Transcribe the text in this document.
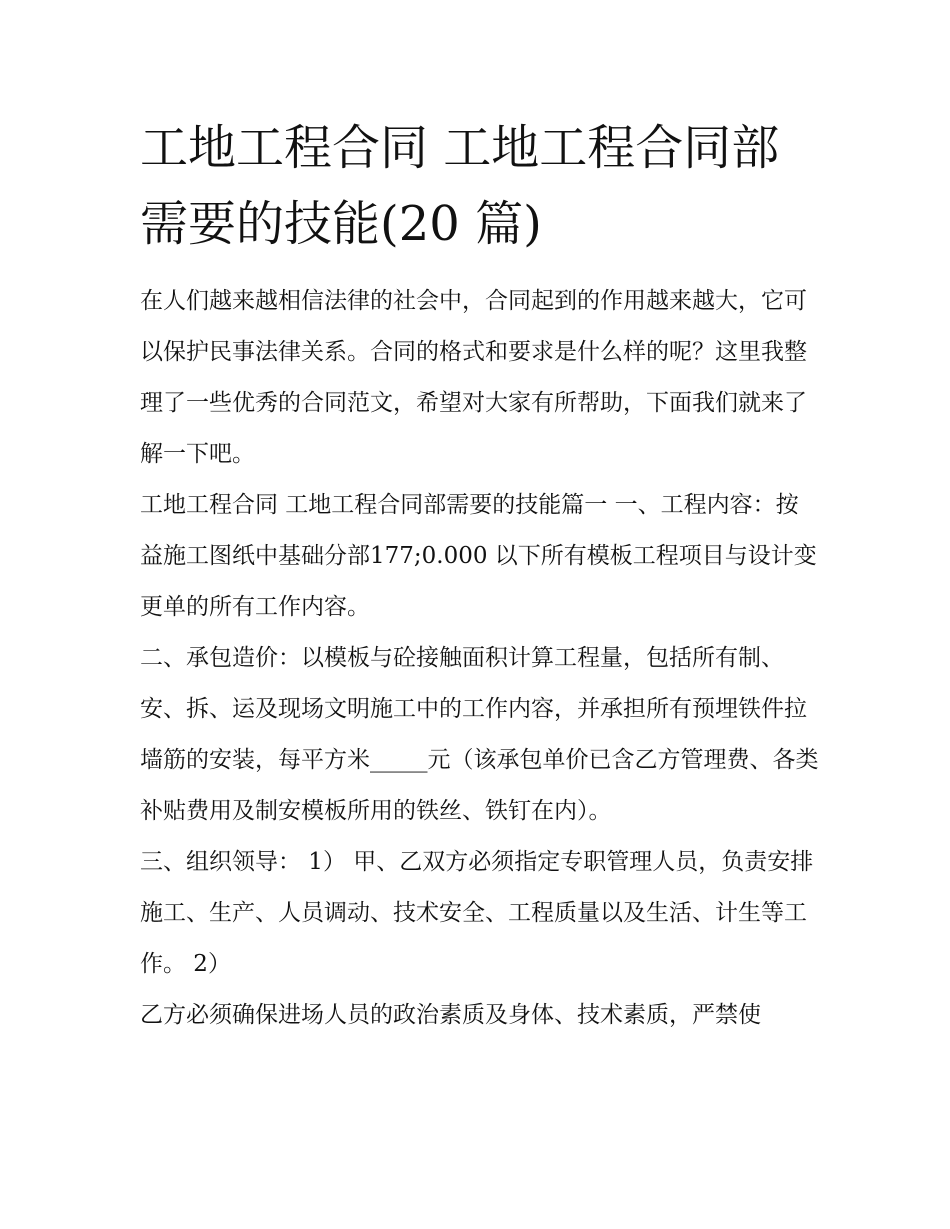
工地工程合同 工地工程合同部需要的技能(20 篇)

在人们越来越相信法律的社会中，合同起到的作用越来越大，它可以保护民事法律关系。合同的格式和要求是什么样的呢？这里我整理了一些优秀的合同范文，希望对大家有所帮助，下面我们就来了解一下吧。

工地工程合同 工地工程合同部需要的技能篇一 一、工程内容：按益施工图纸中基础分部177;0.000 以下所有模板工程项目与设计变更单的所有工作内容。

二、承包造价：以模板与砼接触面积计算工程量，包括所有制、安、拆、运及现场文明施工中的工作内容，并承担所有预埋铁件拉墙筋的安装，每平方米_____元（该承包单价已含乙方管理费、各类补贴费用及制安模板所用的铁丝、铁钉在内）。

三、组织领导： 1） 甲、乙双方必须指定专职管理人员，负责安排施工、生产、人员调动、技术安全、工程质量以及生活、计生等工作。 2）

乙方必须确保进场人员的政治素质及身体、技术素质，严禁使
